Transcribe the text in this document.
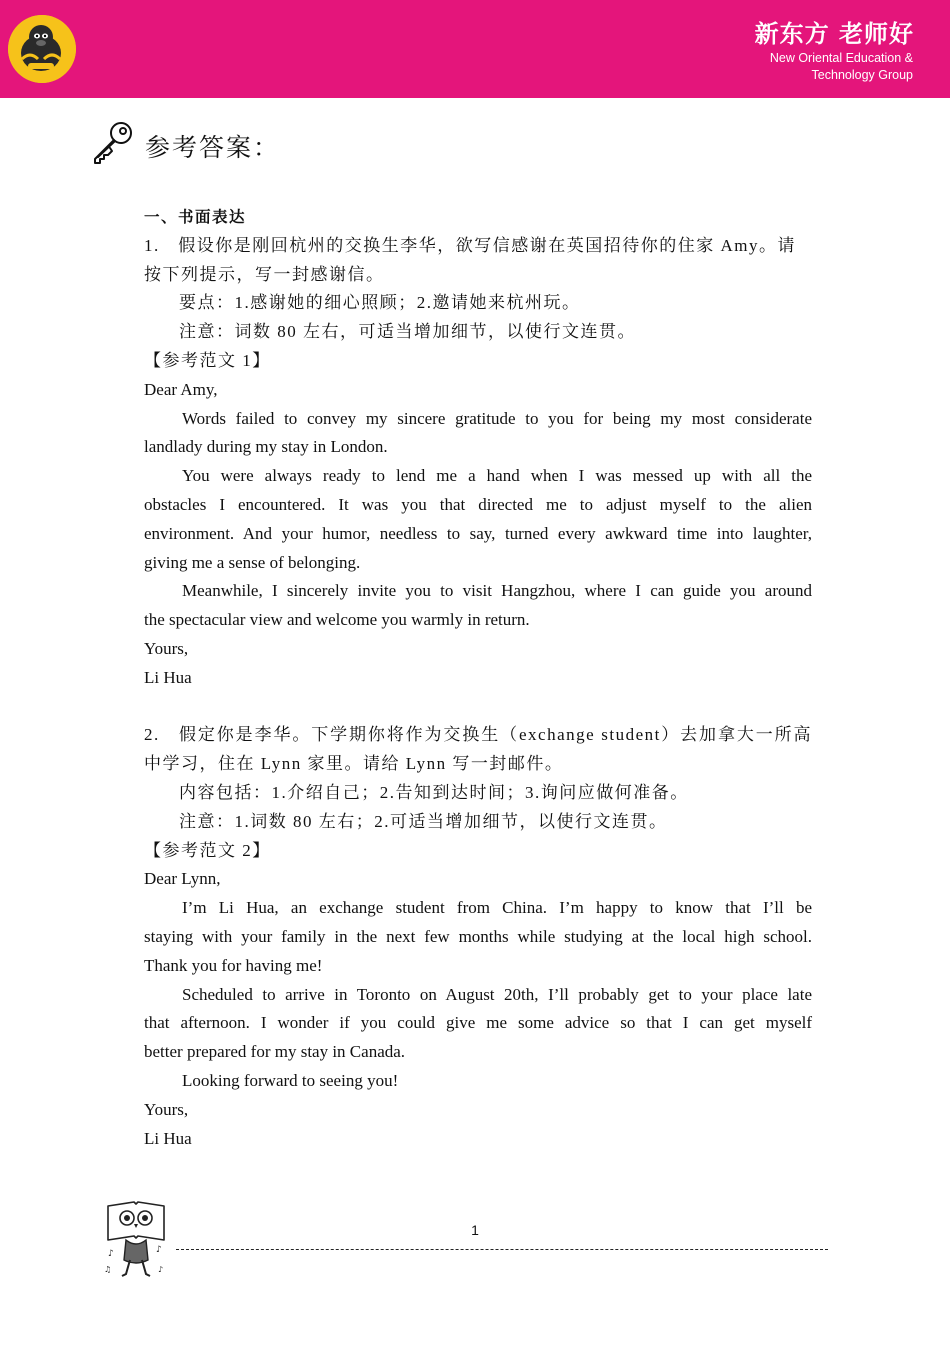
新东方 老师好
New Oriental Education &
Technology Group
参考答案：
一、书面表达
1.　假设你是刚回杭州的交换生李华，欲写信感谢在英国招待你的住家 Amy。请
按下列提示，写一封感谢信。
要点：1.感谢她的细心照顾；2.邀请她来杭州玩。
注意：词数 80 左右，可适当增加细节，以使行文连贯。
【参考范文 1】
Dear Amy,
Words failed to convey my sincere gratitude to you for being my most considerate
landlady during my stay in London.
You were always ready to lend me a hand when I was messed up with all the
obstacles I encountered. It was you that directed me to adjust myself to the alien
environment. And your humor, needless to say, turned every awkward time into laughter,
giving me a sense of belonging.
Meanwhile, I sincerely invite you to visit Hangzhou, where I can guide you around
the spectacular view and welcome you warmly in return.
Yours,
Li Hua
2.　假定你是李华。下学期你将作为交换生（exchange student）去加拿大一所高
中学习，住在 Lynn 家里。请给 Lynn 写一封邮件。
内容包括：1.介绍自己；2.告知到达时间；3.询问应做何准备。
注意：1.词数 80 左右；2.可适当增加细节，以使行文连贯。
【参考范文 2】
Dear Lynn,
I’m Li Hua, an exchange student from China. I’m happy to know that I’ll be
staying with your family in the next few months while studying at the local high school.
Thank you for having me!
Scheduled to arrive in Toronto on August 20th, I’ll probably get to your place late
that afternoon. I wonder if you could give me some advice so that I can get myself
better prepared for my stay in Canada.
Looking forward to seeing you!
Yours,
Li Hua
♪	♪
♫	♪
1
